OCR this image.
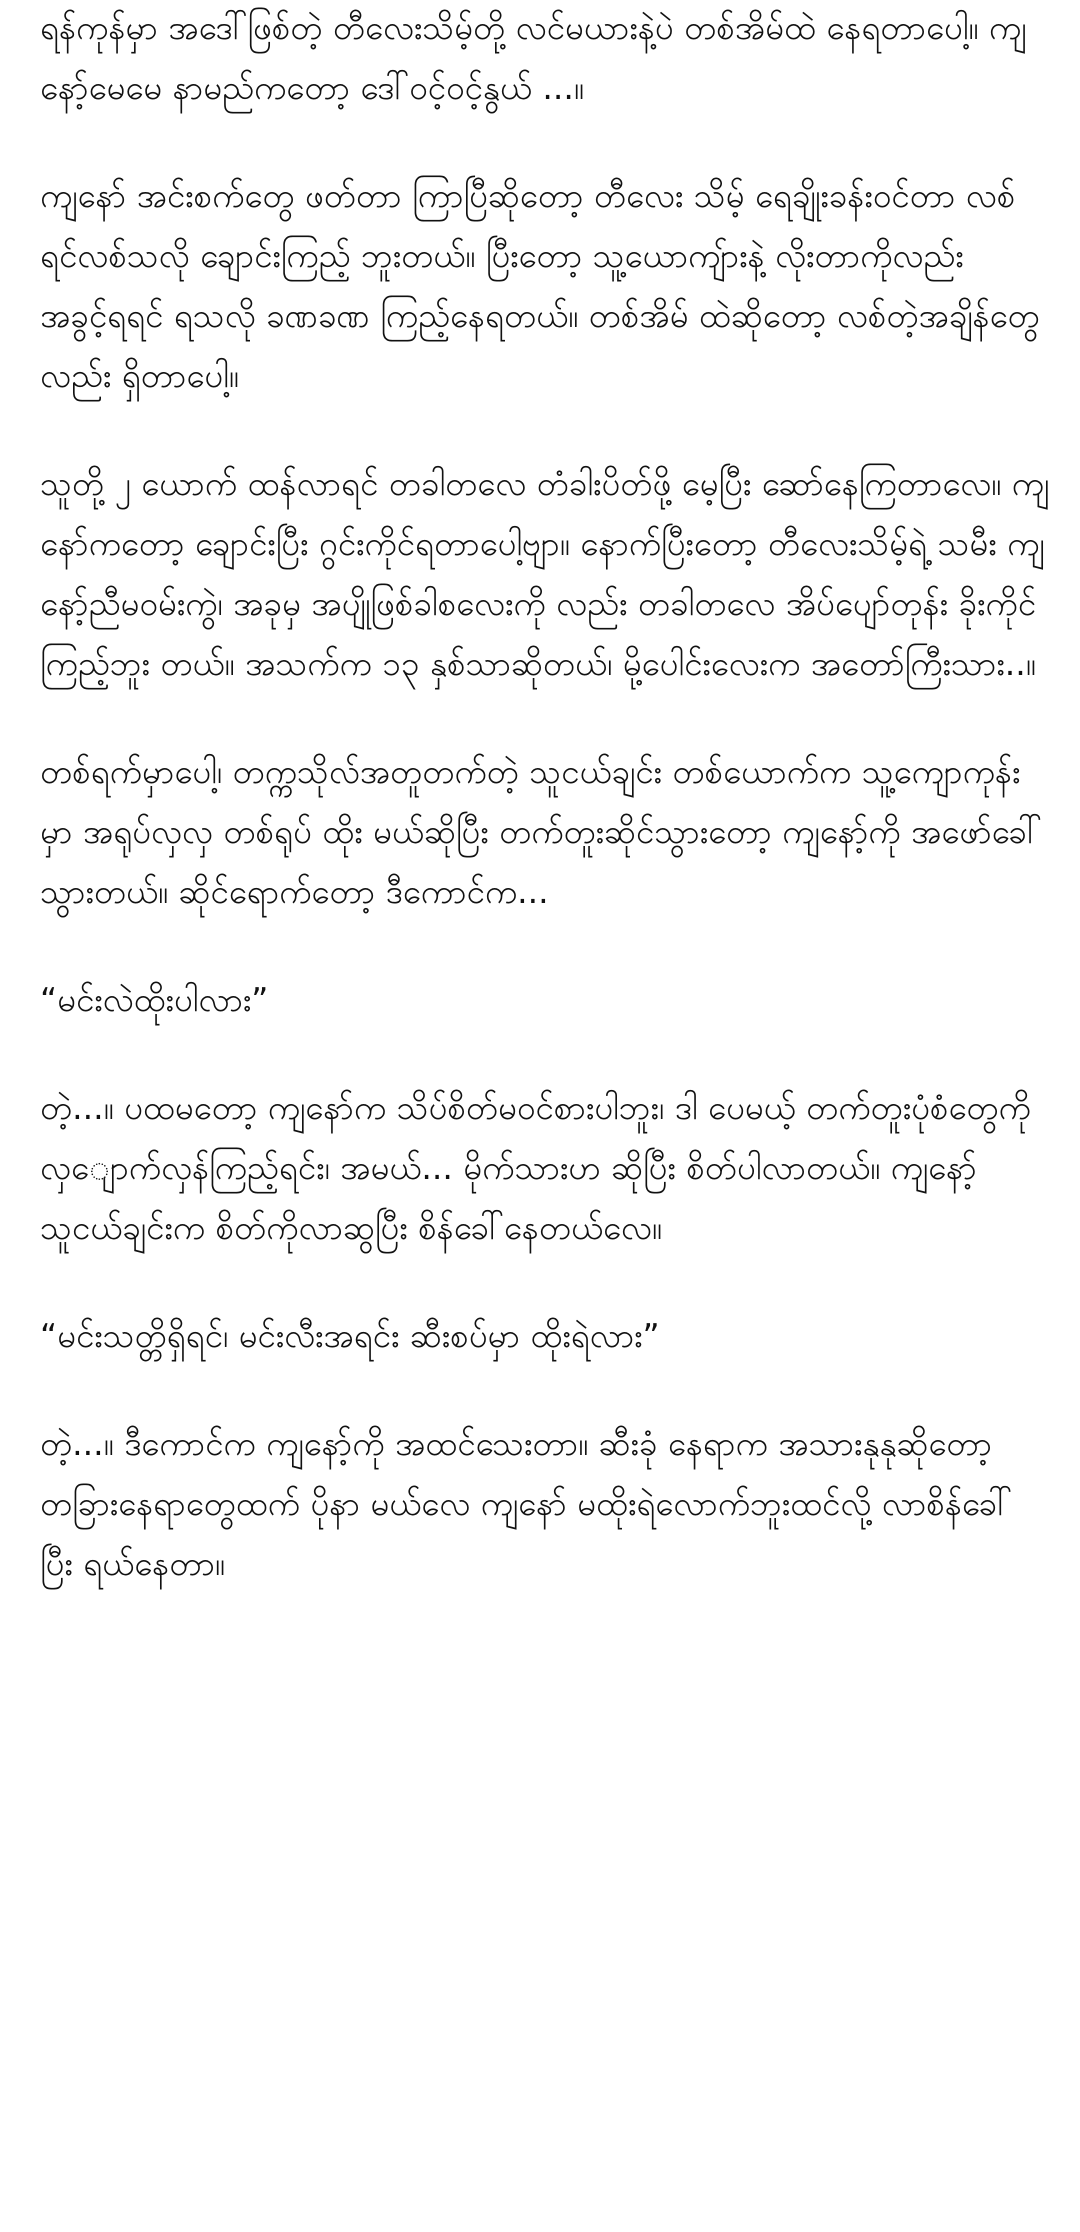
ရန်ကုန်မှာ အဒေါ်ဖြစ်တဲ့ တီလေးသိမ့်တို့ လင်မယားနဲ့ပဲ တစ်အိမ်ထဲ နေရတာပေါ့။ ကျနော့်မေမေ နာမည်ကတော့ ဒေါ်ဝင့်ဝင့်နွယ် ...။

ကျနော် အင်းစက်တွေ ဖတ်တာ ကြာပြီဆိုတော့ တီလေး သိမ့် ရေချိုးခန်းဝင်တာ လစ်ရင်လစ်သလို ချောင်းကြည့် ဘူးတယ်။ ပြီးတော့ သူ့ယောကျ်ားနဲ့ လိုးတာကိုလည်း အခွင့်ရရင် ရသလို ခဏခဏ ကြည့်နေရတယ်။ တစ်အိမ် ထဲဆိုတော့ လစ်တဲ့အချိန်တွေလည်း ရှိတာပေါ့။

သူတို့ ၂ ယောက် ထန်လာရင် တခါတလေ တံခါးပိတ်ဖို့ မေ့ပြီး ဆော်နေကြတာလေ။ ကျနော်ကတော့ ချောင်းပြီး ဂွင်းကိုင်ရတာပေါ့ဗျာ။ နောက်ပြီးတော့ တီလေးသိမ့်ရဲ့ သမီး ကျနော့်ညီမဝမ်းကွဲ၊ အခုမှ အပျိုဖြစ်ခါစလေးကို လည်း တခါတလေ အိပ်ပျော်တုန်း ခိုးကိုင်ကြည့်ဘူး တယ်။ အသက်က ၁၃ နှစ်သာဆိုတယ်၊ မို့ပေါင်းလေးက အတော်ကြီးသား..။

တစ်ရက်မှာပေါ့၊ တက္ကသိုလ်အတူတက်တဲ့ သူငယ်ချင်း တစ်ယောက်က သူ့ကျောကုန်းမှာ အရုပ်လှလှ တစ်ရုပ် ထိုး မယ်ဆိုပြီး တက်တူးဆိုင်သွားတော့ ကျနော့်ကို အဖော်ခေါ် သွားတယ်။ ဆိုင်ရောက်တော့ ဒီကောင်က...

“မင်းလဲထိုးပါလား”

တဲ့...။ ပထမတော့ ကျနော်က သိပ်စိတ်မဝင်စားပါဘူး၊ ဒါ ပေမယ့် တက်တူးပုံစံတွေကို လှျောက်လှန်ကြည့်ရင်း၊ အမယ်... မိုက်သားဟ ဆိုပြီး စိတ်ပါလာတယ်။ ကျနော့် သူငယ်ချင်းက စိတ်ကိုလာဆွပြီး စိန်ခေါ်နေတယ်လေ။

“မင်းသတ္တိရှိရင်၊ မင်းလီးအရင်း ဆီးစပ်မှာ ထိုးရဲလား”

တဲ့...။ ဒီကောင်က ကျနော့်ကို အထင်သေးတာ။ ဆီးခုံ နေရာက အသားနုနုဆိုတော့ တခြားနေရာတွေထက် ပိုနာ မယ်လေ ကျနော် မထိုးရဲလောက်ဘူးထင်လို့ လာစိန်ခေါ် ပြီး ရယ်နေတာ။
